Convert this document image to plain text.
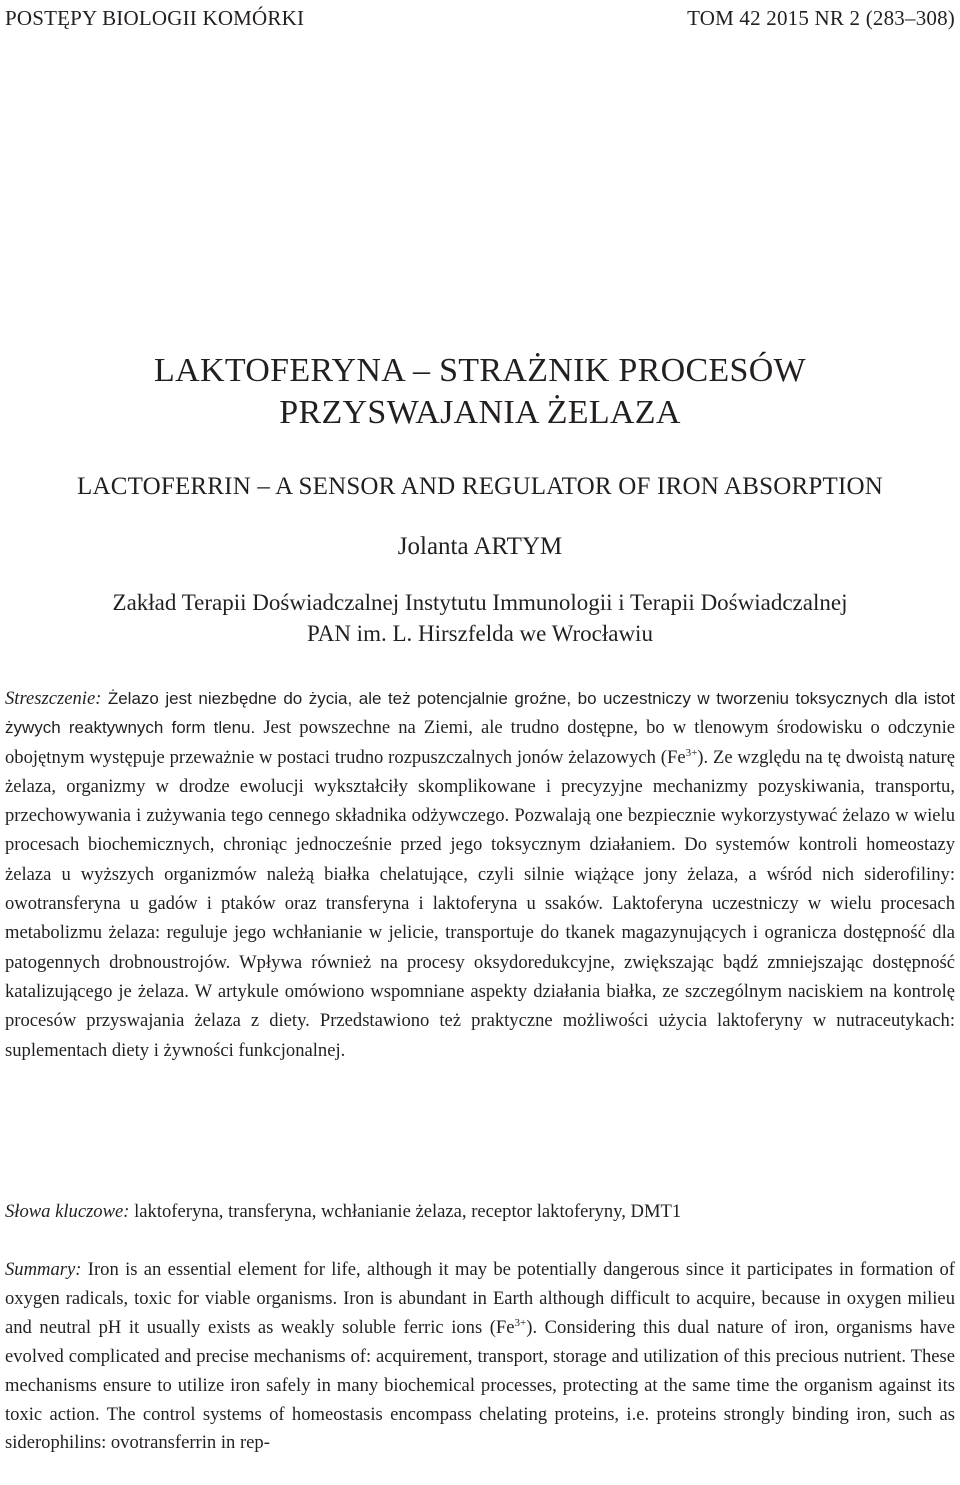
POSTĘPY BIOLOGII KOMÓRKI	TOM 42 2015 NR 2 (283–308)
LAKTOFERYNA – STRAŻNIK PROCESÓW
PRZYSWAJANIA ŻELAZA
LACTOFERRIN – A SENSOR AND REGULATOR OF IRON ABSORPTION
Jolanta ARTYM
Zakład Terapii Doświadczalnej Instytutu Immunologii i Terapii Doświadczalnej
PAN im. L. Hirszfelda we Wrocławiu

Streszczenie: Żelazo jest niezbędne do życia, ale też potencjalnie groźne, bo uczestniczy w tworzeniu toksycznych dla istot żywych reaktywnych form tlenu. Jest powszechne na Ziemi, ale trudno dostępne, bo w tlenowym środowisku o odczynie obojętnym występuje przeważnie w postaci trudno rozpuszczalnych jonów żelazowych $(Fe^{3+})$. Ze względu na tę dwoistą naturę żelaza, organizmy w drodze ewolucji wykształciły skomplikowane i precyzyjne mechanizmy pozyskiwania, transportu, przechowywania i zużywania tego cennego składnika odżywczego. Pozwalają one bezpiecznie wykorzystywać żelazo w wielu procesach biochemicznych, chroniąc jednocześnie przed jego toksycznym działaniem. Do systemów kontroli homeostazy żelaza u wyższych organizmów należą białka chelatujące, czyli silnie wiążące jony żelaza, a wśród nich siderofiliny: owotransferyna u gadów i ptaków oraz transferyna i laktoferyna u ssaków. Laktoferyna uczestniczy w wielu procesach metabolizmu żelaza: reguluje jego wchłanianie w jelicie, transportuje do tkanek magazynujących i ogranicza dostępność dla patogennych drobnoustrojów. Wpływa również na procesy oksydoredukcyjne, zwiększając bądź zmniejszając dostępność katalizującego je żelaza. W artykule omówiono wspomniane aspekty działania białka, ze szczególnym naciskiem na kontrolę procesów przyswajania żelaza z diety. Przedstawiono też praktyczne możliwości użycia laktoferyny w nutraceutykach: suplementach diety i żywności funkcjonalnej.

Słowa kluczowe: laktoferyna, transferyna, wchłanianie żelaza, receptor laktoferyny, DMT1

Summary: Iron is an essential element for life, although it may be potentially dangerous since it participates in formation of oxygen radicals, toxic for viable organisms. Iron is abundant in Earth although difficult to acquire, because in oxygen milieu and neutral pH it usually exists as weakly soluble ferric ions $(Fe^{3+})$. Considering this dual nature of iron, organisms have evolved complicated and precise mechanisms of: acquirement, transport, storage and utilization of this precious nutrient. These mechanisms ensure to utilize iron safely in many biochemical processes, protecting at the same time the organism against its toxic action. The control systems of homeostasis encompass chelating proteins, i.e. proteins strongly binding iron, such as siderophilins: ovotransferrin in rep-
